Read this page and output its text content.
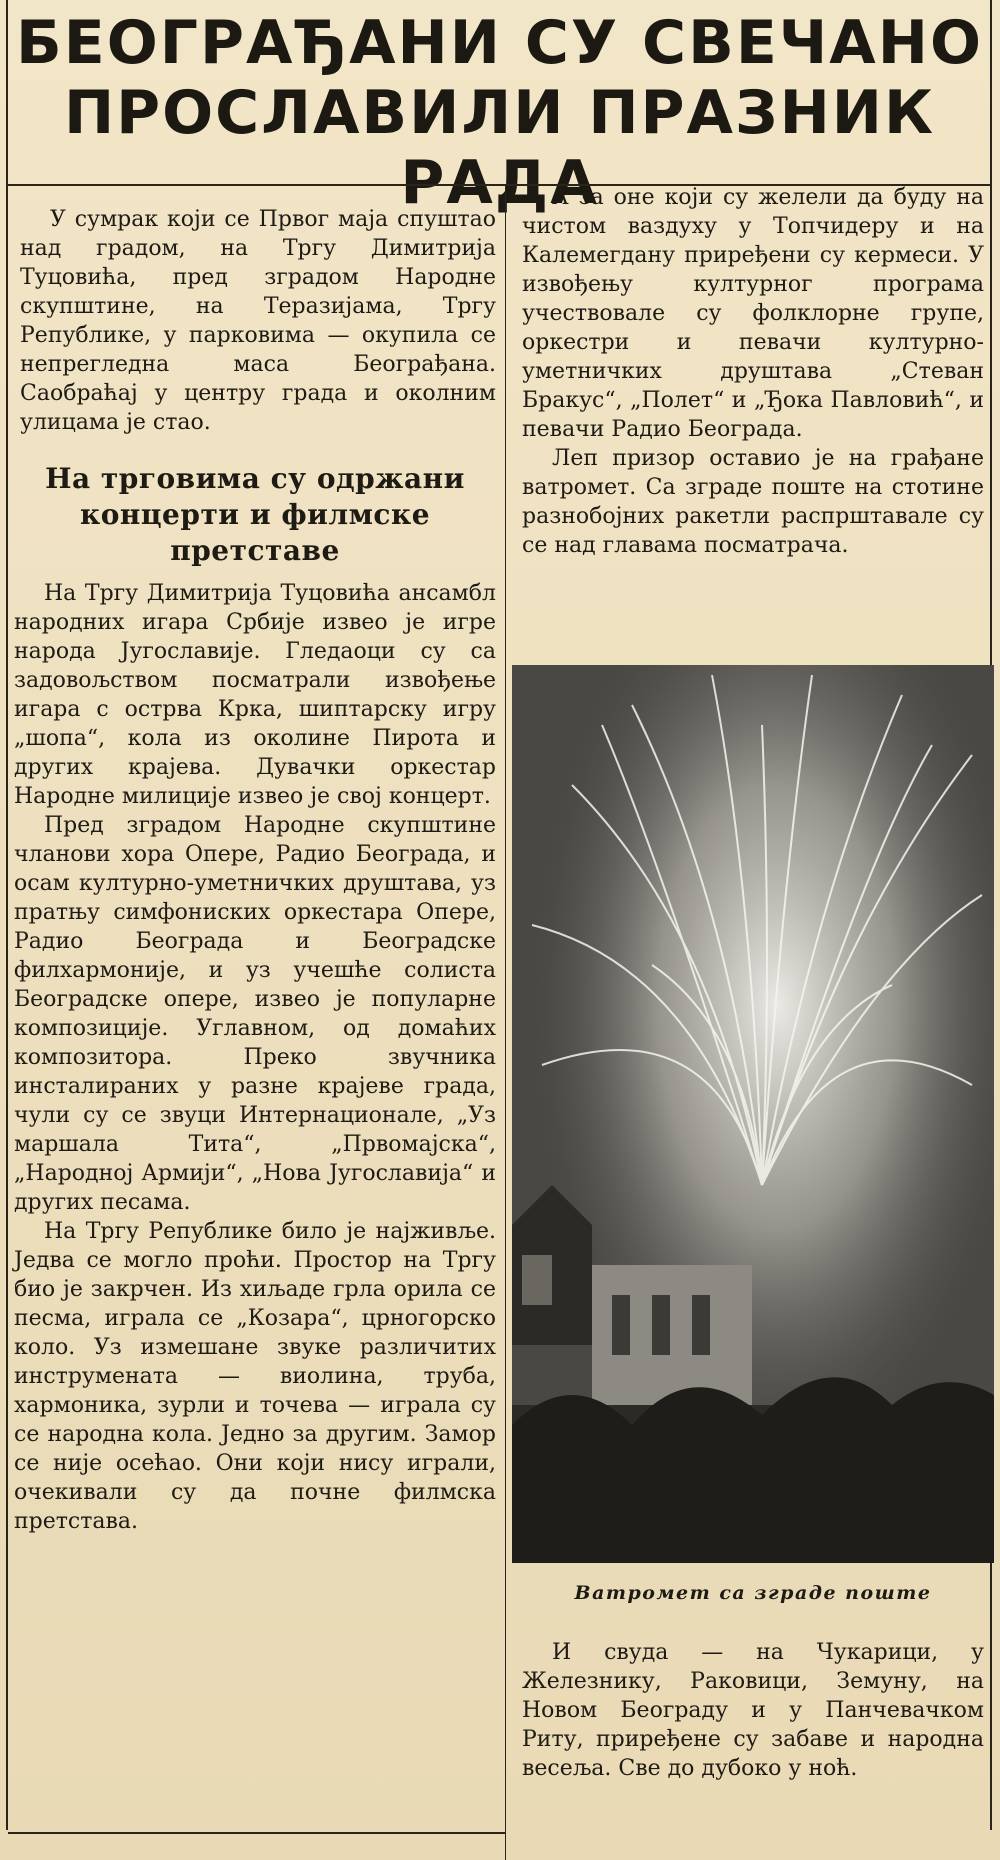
БЕОГРАЂАНИ СУ СВЕЧАНО ПРОСЛАВИЛИ ПРАЗНИК РАДА

У сумрак који се Првог маја спуштао над градом, на Тргу Димитрија Туцовића, пред зградом Народне скупштине, на Теразијама, Тргу Републике, у парковима — окупила се непрегледна маса Београђана. Саобраћај у центру града и околним улицама је стао.

На трговима су одржани концерти и филмске претставе

На Тргу Димитрија Туцовића ансамбл народних игара Србије извео је игре народа Југославије. Гледаоци су са задовољством посматрали извођење игара с острва Крка, шиптарску игру „шопа“, кола из околине Пирота и других крајева. Дувачки оркестар Народне милиције извео је свој концерт.

Пред зградом Народне скупштине чланови хора Опере, Радио Београда, и осам културно-уметничких друштава, уз пратњу симфониских оркестара Опере, Радио Београда и Београдске филхармоније, и уз учешће солиста Београдске опере, извео је популарне композиције. Углавном, од домаћих композитора. Преко звучника инсталираних у разне крајеве града, чули су се звуци Интернационале, „Уз маршала Тита“, „Првомајска“, „Народној Армији“, „Нова Југославија“ и других песама.

На Тргу Републике било је најживље. Једва се могло проћи. Простор на Тргу био је закрчен. Из хиљаде грла орила се песма, играла се „Козара“, црногорско коло. Уз измешане звуке различитих инструмената — виолина, труба, хармоника, зурли и точева — играла су се народна кола. Једно за другим. Замор се није осећао. Они који нису играли, очекивали су да почне филмска претстава.

А за оне који су желели да буду на чистом ваздуху у Топчидеру и на Калемегдану приређени су кермеси. У извођењу културног програма учествовале су фолклорне групе, оркестри и певачи културно-уметничких друштава „Стеван Бракус“, „Полет“ и „Ђока Павловић“, и певачи Радио Београда.

Леп призор оставио је на грађане ватромет. Са зграде поште на стотине разнобојних ракетли распрштавале су се над главама посматрача.

Ватромет са зграде поште

И свуда — на Чукарици, у Железнику, Раковици, Земуну, на Новом Београду и у Панчевачком Риту, приређене су забаве и народна весеља. Све до дубоко у ноћ.
